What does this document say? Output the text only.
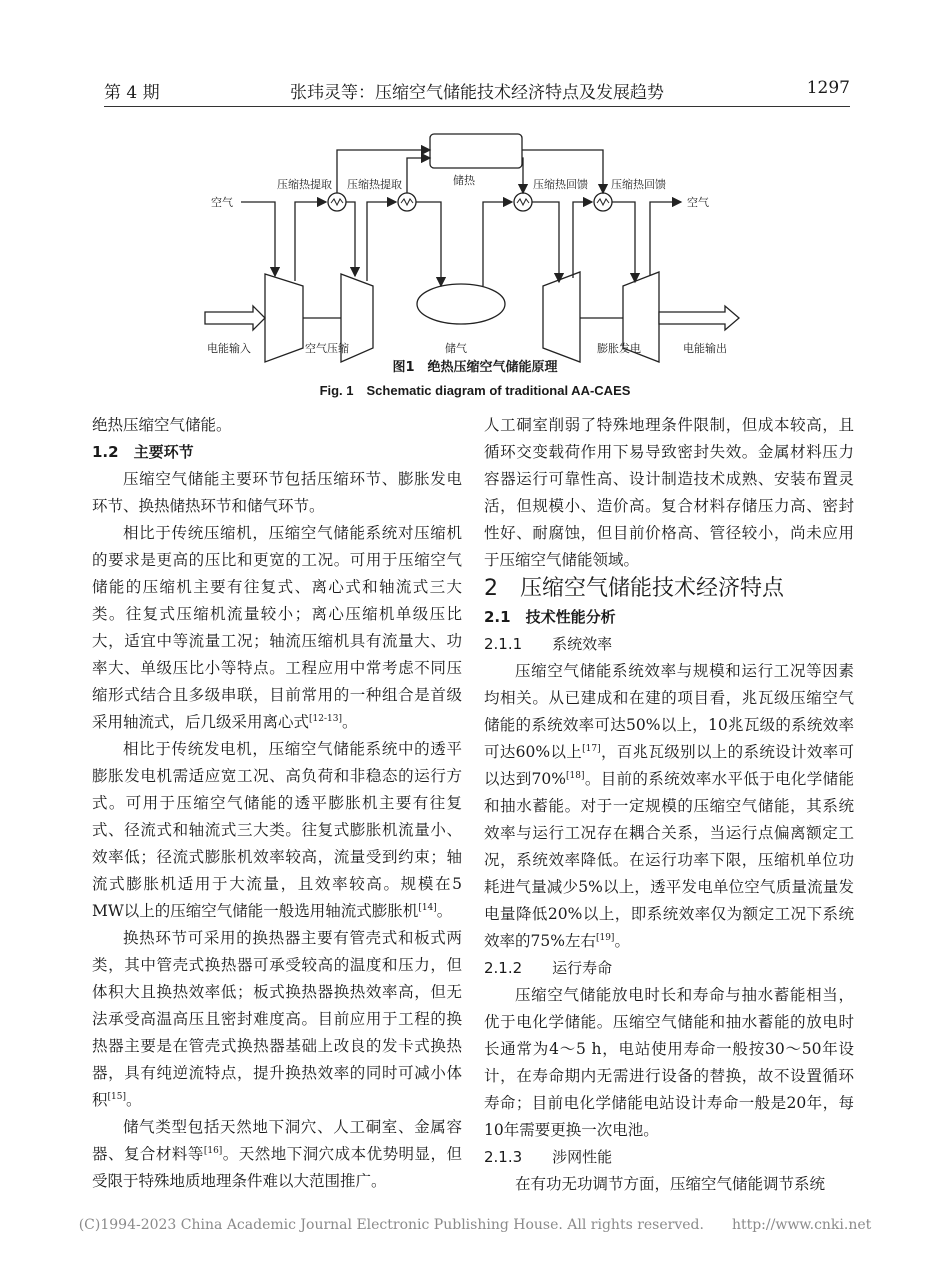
第 4 期	张玮灵等：压缩空气储能技术经济特点及发展趋势	1297
储热
压缩热提取 压缩热提取	压缩热回馈 压缩热回馈
空气	空气
电能输入	空气压缩	储气	膨胀发电	电能输出
图1　绝热压缩空气储能原理
Fig. 1　Schematic diagram of traditional AA-CAES

绝热压缩空气储能。

1.2　主要环节

压缩空气储能主要环节包括压缩环节、膨胀发电环节、换热储热环节和储气环节。

相比于传统压缩机，压缩空气储能系统对压缩机的要求是更高的压比和更宽的工况。可用于压缩空气储能的压缩机主要有往复式、离心式和轴流式三大类。往复式压缩机流量较小；离心压缩机单级压比大，适宜中等流量工况；轴流压缩机具有流量大、功率大、单级压比小等特点。工程应用中常考虑不同压缩形式结合且多级串联，目前常用的一种组合是首级采用轴流式，后几级采用离心式[12-13]。

相比于传统发电机，压缩空气储能系统中的透平膨胀发电机需适应宽工况、高负荷和非稳态的运行方式。可用于压缩空气储能的透平膨胀机主要有往复式、径流式和轴流式三大类。往复式膨胀机流量小、效率低；径流式膨胀机效率较高，流量受到约束；轴流式膨胀机适用于大流量，且效率较高。规模在5 MW以上的压缩空气储能一般选用轴流式膨胀机[14]。

换热环节可采用的换热器主要有管壳式和板式两类，其中管壳式换热器可承受较高的温度和压力，但体积大且换热效率低；板式换热器换热效率高，但无法承受高温高压且密封难度高。目前应用于工程的换热器主要是在管壳式换热器基础上改良的发卡式换热器，具有纯逆流特点，提升换热效率的同时可减小体积[15]。

储气类型包括天然地下洞穴、人工硐室、金属容器、复合材料等[16]。天然地下洞穴成本优势明显，但受限于特殊地质地理条件难以大范围推广。

人工硐室削弱了特殊地理条件限制，但成本较高，且循环交变载荷作用下易导致密封失效。金属材料压力容器运行可靠性高、设计制造技术成熟、安装布置灵活，但规模小、造价高。复合材料存储压力高、密封性好、耐腐蚀，但目前价格高、管径较小，尚未应用于压缩空气储能领域。

2　压缩空气储能技术经济特点

2.1　技术性能分析

2.1.1　　系统效率

压缩空气储能系统效率与规模和运行工况等因素均相关。从已建成和在建的项目看，兆瓦级压缩空气储能的系统效率可达50%以上，10兆瓦级的系统效率可达60%以上[17]，百兆瓦级别以上的系统设计效率可以达到70%[18]。目前的系统效率水平低于电化学储能和抽水蓄能。对于一定规模的压缩空气储能，其系统效率与运行工况存在耦合关系，当运行点偏离额定工况，系统效率降低。在运行功率下限，压缩机单位功耗进气量减少5%以上，透平发电单位空气质量流量发电量降低20%以上，即系统效率仅为额定工况下系统效率的75%左右[19]。

2.1.2　　运行寿命

压缩空气储能放电时长和寿命与抽水蓄能相当，优于电化学储能。压缩空气储能和抽水蓄能的放电时长通常为4～5 h，电站使用寿命一般按30～50年设计，在寿命期内无需进行设备的替换，故不设置循环寿命；目前电化学储能电站设计寿命一般是20年，每10年需要更换一次电池。

2.1.3　　涉网性能

在有功无功调节方面，压缩空气储能调节系统

(C)1994-2023 China Academic Journal Electronic Publishing House. All rights reserved.　　http://www.cnki.net
